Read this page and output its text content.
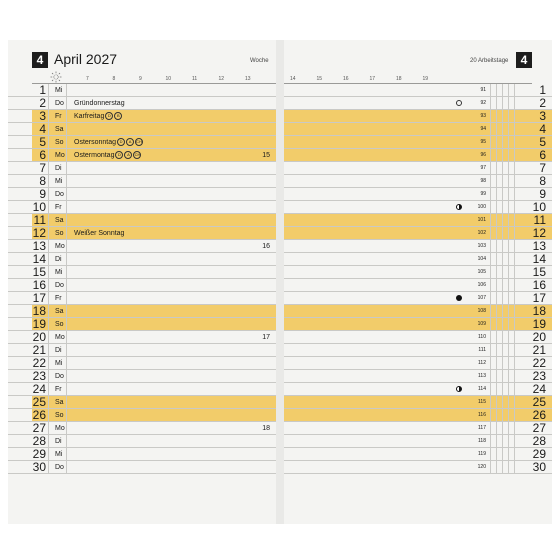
4 April 2027	Woche
7	8	9	10	11	12	13
1 Mi
2 Do Gründonnerstag
3 Fr Karfreitag D B
4 Sa
5 So Ostersonntag D A CH
6 Mo Ostermontag D A CH	15
7 Di
8 Mi
9 Do
10 Fr
11 Sa
12 So Weißer Sonntag
13 Mo	16
14 Di
15 Mi
16 Do
17 Fr
18 Sa
19 So
20 Mo	17
21 Di
22 Mi
23 Do
24 Fr
25 Sa
26 So
27 Mo	18
28 Di
29 Mi
30 Do
20 Arbeitstage	4
14	15	16	17	18	19
91	1
92	2
93	3
94	4
95	5
96	6
97	7
98	8
99	9
100	10
101	11
102	12
103	13
104	14
105	15
106	16
107	17
108	18
109	19
110	20
111	21
112	22
113	23
114	24
115	25
116	26
117	27
118	28
119	29
120	30
